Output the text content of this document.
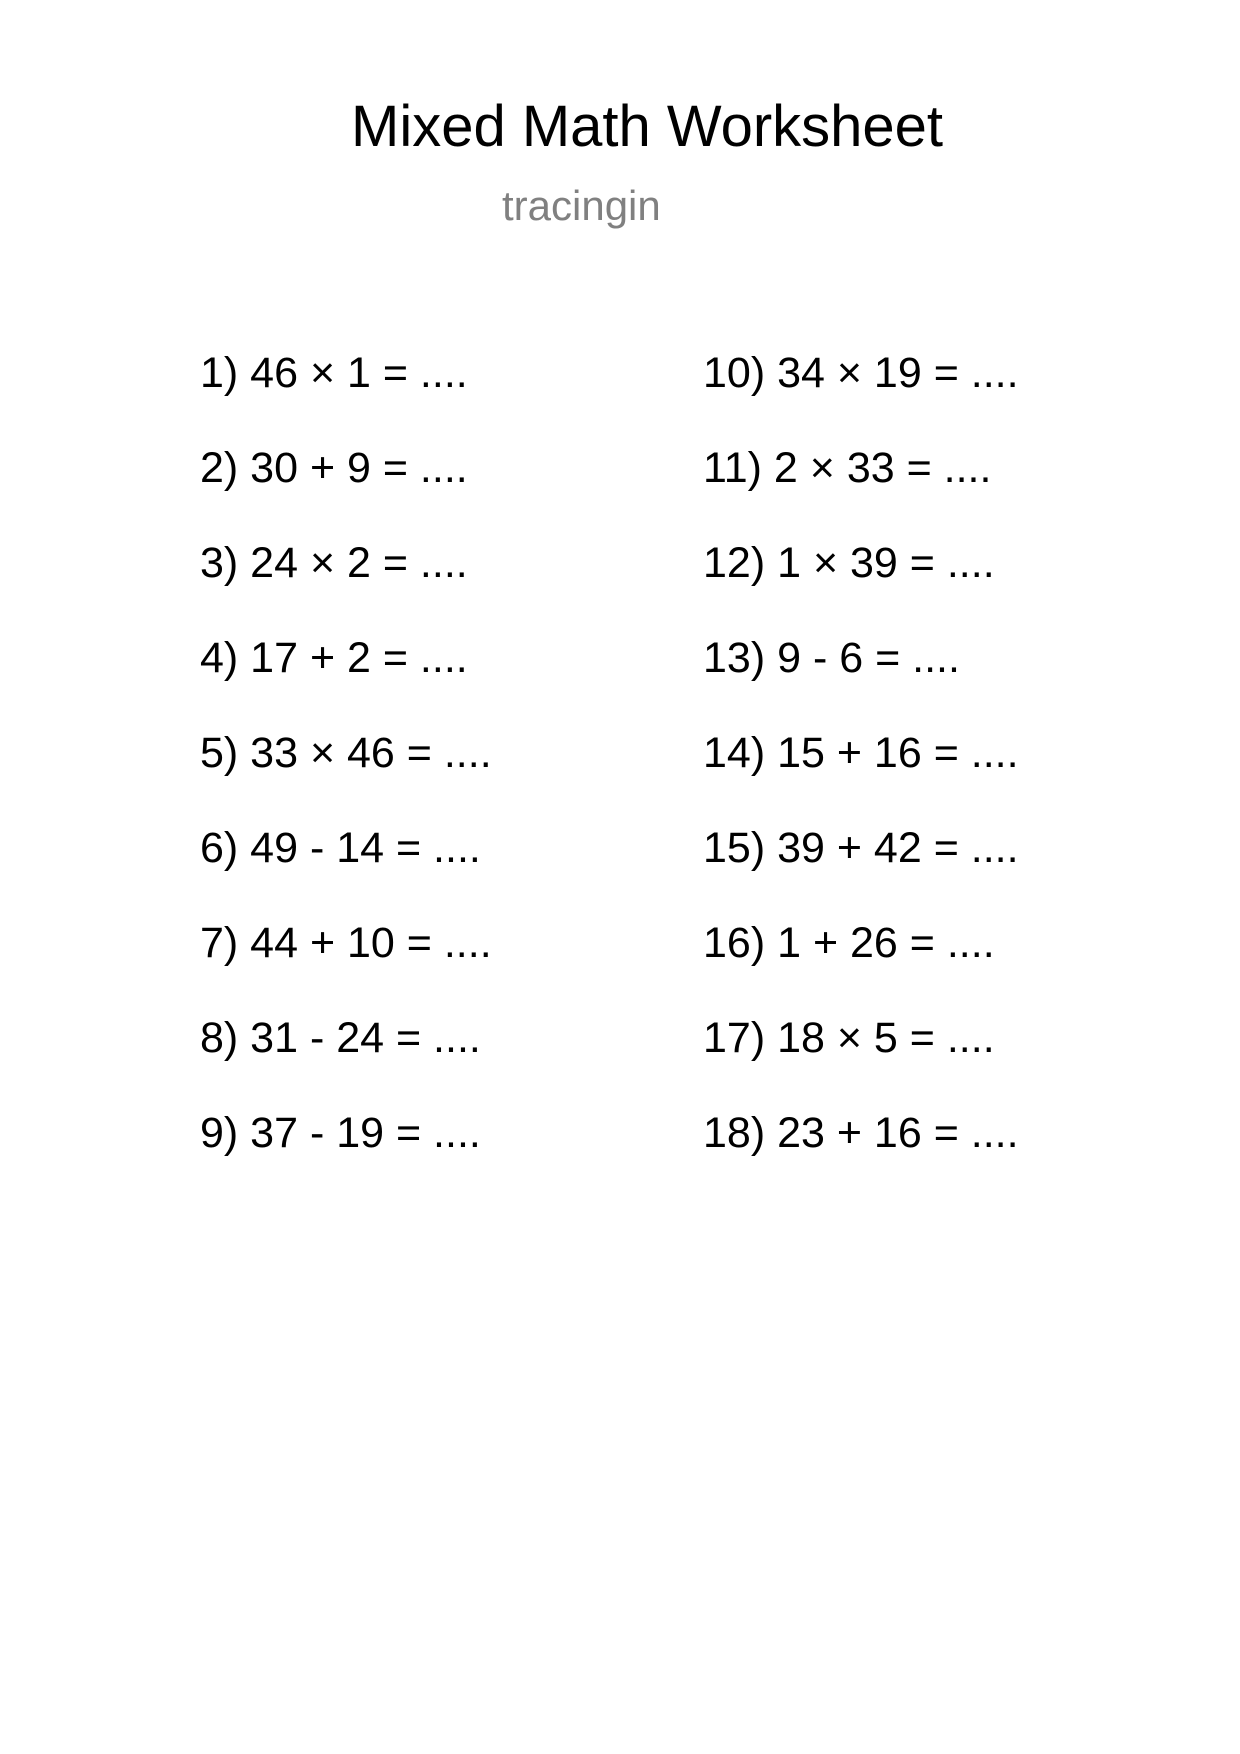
Mixed Math Worksheet
tracingin
1) 46 × 1 = ....
2) 30 + 9 = ....
3) 24 × 2 = ....
4) 17 + 2 = ....
5) 33 × 46 = ....
6) 49 - 14 = ....
7) 44 + 10 = ....
8) 31 - 24 = ....
9) 37 - 19 = ....
10) 34 × 19 = ....
11) 2 × 33 = ....
12) 1 × 39 = ....
13) 9 - 6 = ....
14) 15 + 16 = ....
15) 39 + 42 = ....
16) 1 + 26 = ....
17) 18 × 5 = ....
18) 23 + 16 = ....
